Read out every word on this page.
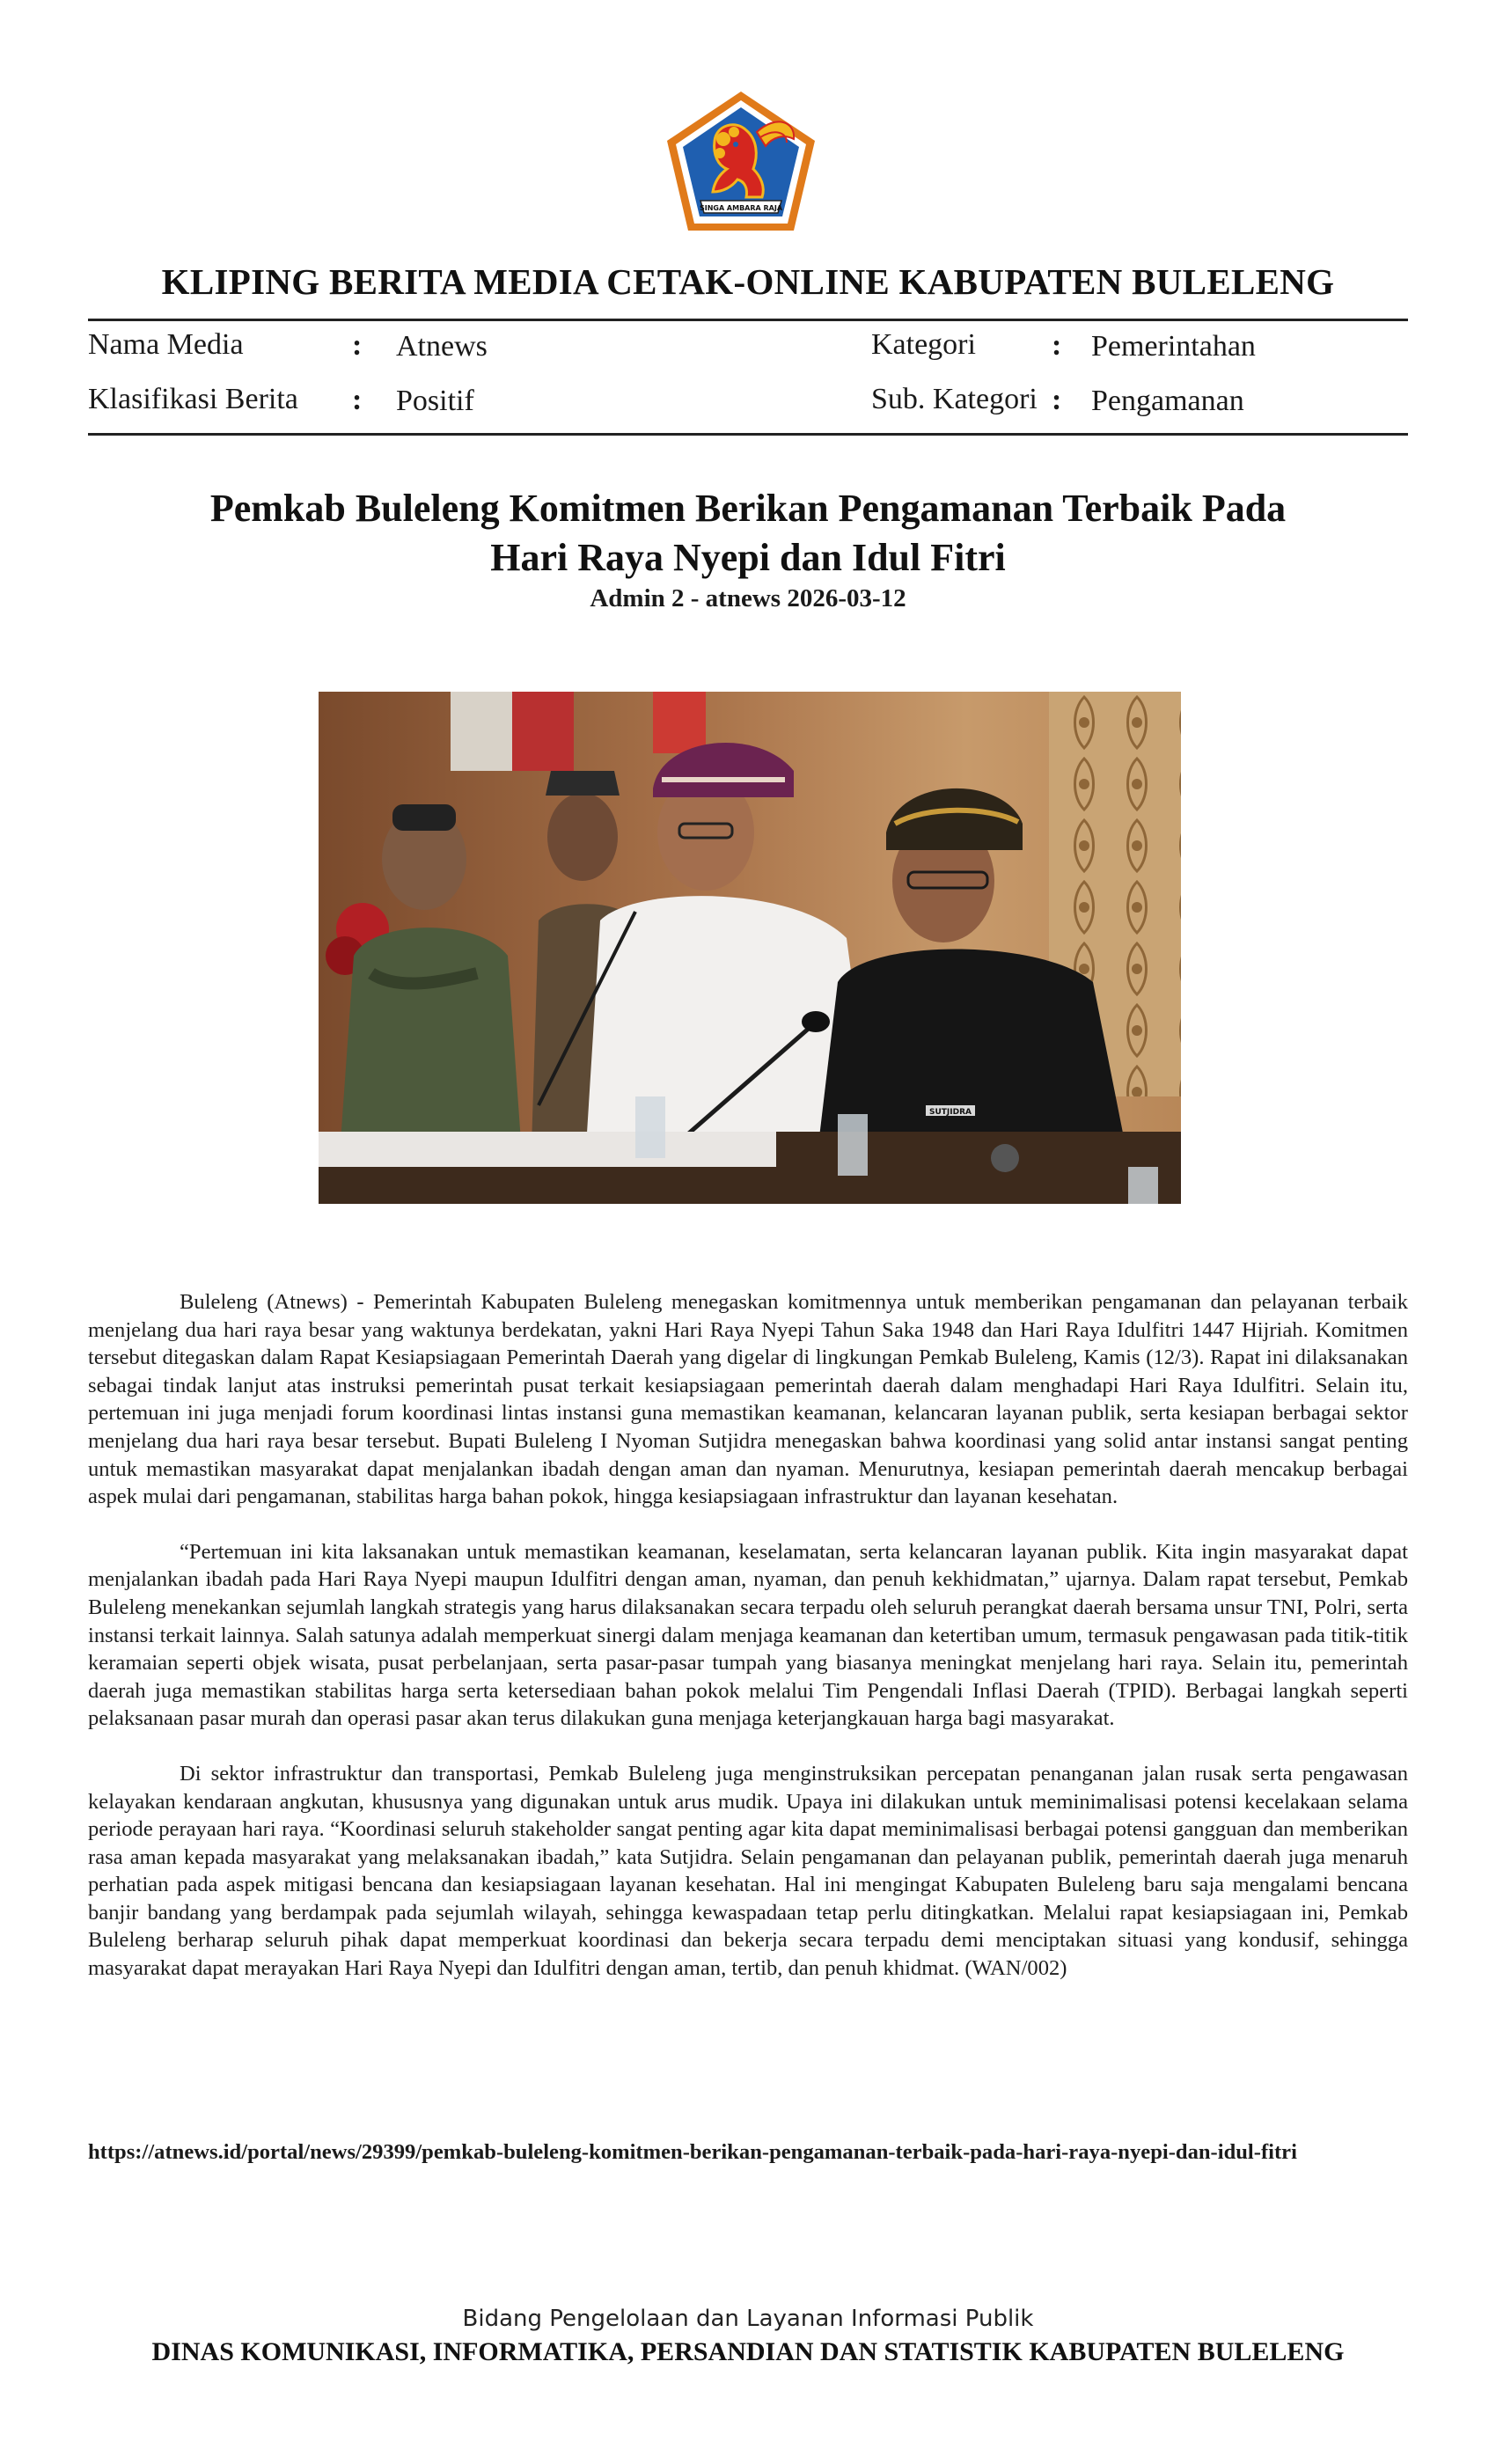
SINGA AMBARA RAJA
KLIPING BERITA MEDIA CETAK-ONLINE KABUPATEN BULELENG
Nama Media	: Atnews
Klasifikasi Berita : Positif
Kategori	: Pemerintahan
Sub. Kategori : Pengamanan
Pemkab Buleleng Komitmen Berikan Pengamanan Terbaik Pada
Hari Raya Nyepi dan Idul Fitri
Admin 2 - atnews 2026-03-12
SUTJIDRA

Buleleng (Atnews) - Pemerintah Kabupaten Buleleng menegaskan komitmennya untuk memberikan pengamanan dan pelayanan terbaik menjelang dua hari raya besar yang waktunya berdekatan, yakni Hari Raya Nyepi Tahun Saka 1948 dan Hari Raya Idulfitri 1447 Hijriah. Komitmen tersebut ditegaskan dalam Rapat Kesiapsiagaan Pemerintah Daerah yang digelar di lingkungan Pemkab Buleleng, Kamis (12/3). Rapat ini dilaksanakan sebagai tindak lanjut atas instruksi pemerintah pusat terkait kesiapsiagaan pemerintah daerah dalam menghadapi Hari Raya Idulfitri. Selain itu, pertemuan ini juga menjadi forum koordinasi lintas instansi guna memastikan keamanan, kelancaran layanan publik, serta kesiapan berbagai sektor menjelang dua hari raya besar tersebut. Bupati Buleleng I Nyoman Sutjidra menegaskan bahwa koordinasi yang solid antar instansi sangat penting untuk memastikan masyarakat dapat menjalankan ibadah dengan aman dan nyaman. Menurutnya, kesiapan pemerintah daerah mencakup berbagai aspek mulai dari pengamanan, stabilitas harga bahan pokok, hingga kesiapsiagaan infrastruktur dan layanan kesehatan.

“Pertemuan ini kita laksanakan untuk memastikan keamanan, keselamatan, serta kelancaran layanan publik. Kita ingin masyarakat dapat menjalankan ibadah pada Hari Raya Nyepi maupun Idulfitri dengan aman, nyaman, dan penuh kekhidmatan,” ujarnya. Dalam rapat tersebut, Pemkab Buleleng menekankan sejumlah langkah strategis yang harus dilaksanakan secara terpadu oleh seluruh perangkat daerah bersama unsur TNI, Polri, serta instansi terkait lainnya. Salah satunya adalah memperkuat sinergi dalam menjaga keamanan dan ketertiban umum, termasuk pengawasan pada titik-titik keramaian seperti objek wisata, pusat perbelanjaan, serta pasar-pasar tumpah yang biasanya meningkat menjelang hari raya. Selain itu, pemerintah daerah juga memastikan stabilitas harga serta ketersediaan bahan pokok melalui Tim Pengendali Inflasi Daerah (TPID). Berbagai langkah seperti pelaksanaan pasar murah dan operasi pasar akan terus dilakukan guna menjaga keterjangkauan harga bagi masyarakat.

Di sektor infrastruktur dan transportasi, Pemkab Buleleng juga menginstruksikan percepatan penanganan jalan rusak serta pengawasan kelayakan kendaraan angkutan, khususnya yang digunakan untuk arus mudik. Upaya ini dilakukan untuk meminimalisasi potensi kecelakaan selama periode perayaan hari raya. “Koordinasi seluruh stakeholder sangat penting agar kita dapat meminimalisasi berbagai potensi gangguan dan memberikan rasa aman kepada masyarakat yang melaksanakan ibadah,” kata Sutjidra. Selain pengamanan dan pelayanan publik, pemerintah daerah juga menaruh perhatian pada aspek mitigasi bencana dan kesiapsiagaan layanan kesehatan. Hal ini mengingat Kabupaten Buleleng baru saja mengalami bencana banjir bandang yang berdampak pada sejumlah wilayah, sehingga kewaspadaan tetap perlu ditingkatkan. Melalui rapat kesiapsiagaan ini, Pemkab Buleleng berharap seluruh pihak dapat memperkuat koordinasi dan bekerja secara terpadu demi menciptakan situasi yang kondusif, sehingga masyarakat dapat merayakan Hari Raya Nyepi dan Idulfitri dengan aman, tertib, dan penuh khidmat. (WAN/002)

https://atnews.id/portal/news/29399/pemkab-buleleng-komitmen-berikan-pengamanan-terbaik-pada-hari-raya-nyepi-dan-idul-fitri
Bidang Pengelolaan dan Layanan Informasi Publik
DINAS KOMUNIKASI, INFORMATIKA, PERSANDIAN DAN STATISTIK KABUPATEN BULELENG
